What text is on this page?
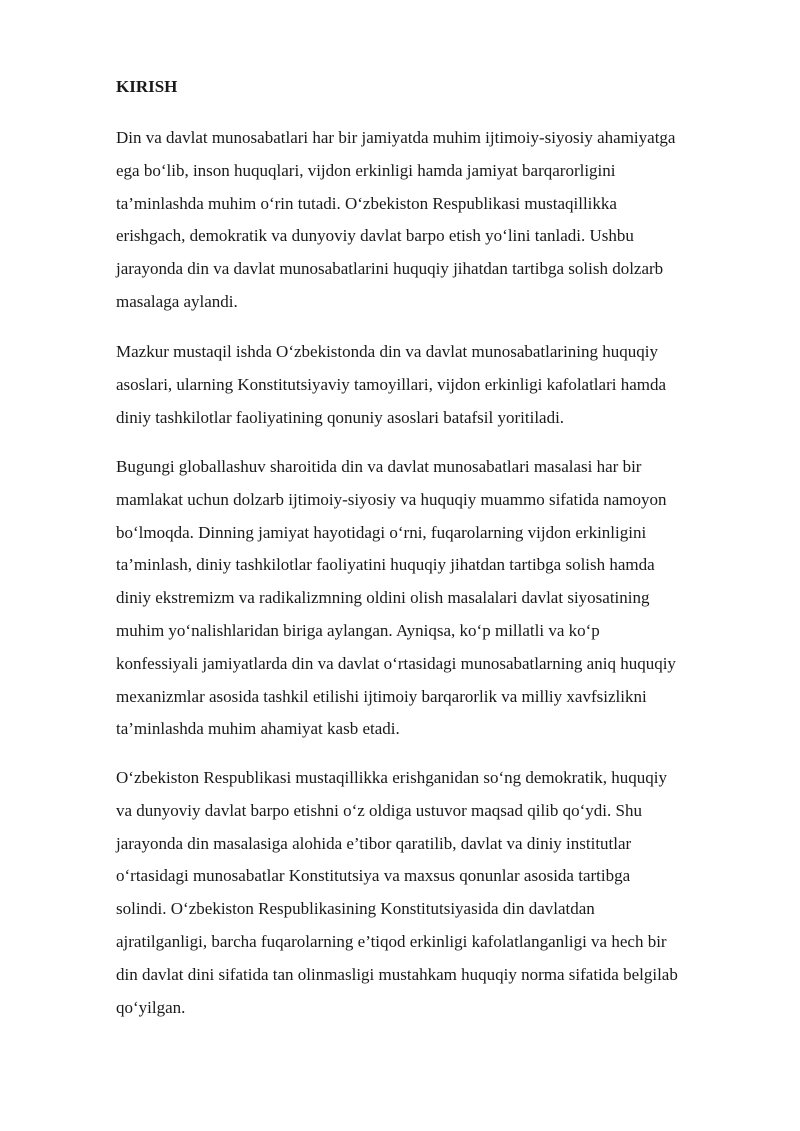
KIRISH

Din va davlat munosabatlari har bir jamiyatda muhim ijtimoiy-siyosiy ahamiyatga
ega bo‘lib, inson huquqlari, vijdon erkinligi hamda jamiyat barqarorligini
ta’minlashda muhim o‘rin tutadi. O‘zbekiston Respublikasi mustaqillikka
erishgach, demokratik va dunyoviy davlat barpo etish yo‘lini tanladi. Ushbu
jarayonda din va davlat munosabatlarini huquqiy jihatdan tartibga solish dolzarb
masalaga aylandi.

Mazkur mustaqil ishda O‘zbekistonda din va davlat munosabatlarining huquqiy
asoslari, ularning Konstitutsiyaviy tamoyillari, vijdon erkinligi kafolatlari hamda
diniy tashkilotlar faoliyatining qonuniy asoslari batafsil yoritiladi.

Bugungi globallashuv sharoitida din va davlat munosabatlari masalasi har bir
mamlakat uchun dolzarb ijtimoiy-siyosiy va huquqiy muammo sifatida namoyon
bo‘lmoqda. Dinning jamiyat hayotidagi o‘rni, fuqarolarning vijdon erkinligini
ta’minlash, diniy tashkilotlar faoliyatini huquqiy jihatdan tartibga solish hamda
diniy ekstremizm va radikalizmning oldini olish masalalari davlat siyosatining
muhim yo‘nalishlaridan biriga aylangan. Ayniqsa, ko‘p millatli va ko‘p
konfessiyali jamiyatlarda din va davlat o‘rtasidagi munosabatlarning aniq huquqiy
mexanizmlar asosida tashkil etilishi ijtimoiy barqarorlik va milliy xavfsizlikni
ta’minlashda muhim ahamiyat kasb etadi.

O‘zbekiston Respublikasi mustaqillikka erishganidan so‘ng demokratik, huquqiy
va dunyoviy davlat barpo etishni o‘z oldiga ustuvor maqsad qilib qo‘ydi. Shu
jarayonda din masalasiga alohida e’tibor qaratilib, davlat va diniy institutlar
o‘rtasidagi munosabatlar Konstitutsiya va maxsus qonunlar asosida tartibga
solindi. O‘zbekiston Respublikasining Konstitutsiyasida din davlatdan
ajratilganligi, barcha fuqarolarning e’tiqod erkinligi kafolatlanganligi va hech bir
din davlat dini sifatida tan olinmasligi mustahkam huquqiy norma sifatida belgilab
qo‘yilgan.
